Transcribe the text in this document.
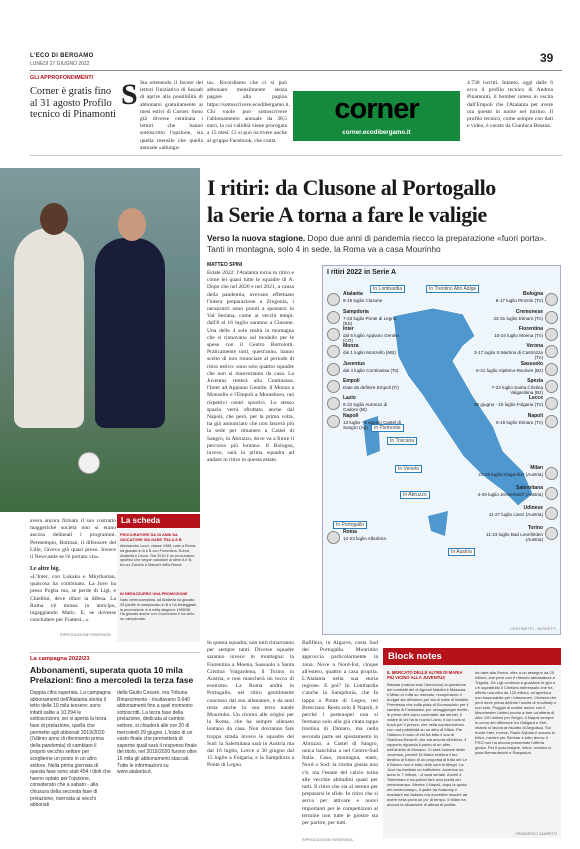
L'ECO DI BERGAMO
LUNEDÌ 27 GIUGNO 2022	39
GLI APPROFONDIMENTI
Corner è gratis fino al 31 agosto Profilo tecnico di Pinamonti
S Sta ottenendo il favore dei lettori l'iniziativa di Sesaab di aprire alla possibilità di abbonarsi gratuitamente ai mesi estivi di Corner. Sono già diverse centinaia i lettori che hanno sottoscritto l'opzione, sia quella mensile che quella annuale «allunga-
ta». Ricordiamo che ci si può abbonare mensilmente senza pagare alla pagina https://sottoscrivere.ecodibergamo.it. Chi vuole può sottoscrivere l'abbonamento annuale da 38,5 euro, la cui validità viene prorogata a 15 mesi. Ci si può iscrivere anche al gruppo Facebook, che conta
corner
corner.ecodibergamo.it
4.730 iscritti. Intanto, oggi dalle 6 ecco il profilo tecnico di Andrea Pinamonti, il bomber inteso in uscita dall'Empoli che l'Atalanta per avere ora questo in nome nel mirino. Il profilo tecnico, come sempre con dati e video, è curato da Gianluca Besana.
I ritiri: da Clusone al Portogallo
la Serie A torna a fare le valigie
Verso la nuova stagione. Dopo due anni di pandemia riecco la preparazione «fuori porta». Tanti in montagna, solo 4 in sede, la Roma va a casa Mourinho
MATTEO SPINI
Estate 2022: l'Atalanta torna in ritiro e come lei quasi tutte le squadre di A. Dopo che nel 2020 e nel 2021, a causa della pandemia, avevano effettuato l'intera preparazione a Zingonia, i nerazzurri sono pronti a spostarsi in Val Seriana, come ai vecchi tempi: dall'8 al 16 luglio saranno a Clusone. Una delle 4 sole realtà in montagna che si rinnovano sul modello per le spese con il Centro Bortolotti. Praticamente tutti, quest'anno, hanno scelto di non rinunciare al periodo di ritiro estivo: sono solo quattro squadre che non si muoveranno da casa. La Juventus resterà alla Continassa, l'Inter ad Appiano Gentile, il Monza a Monzello e l'Empoli a Monteboro, nei rispettivi centri sportivi. Lo stesso spazio verrà sfruttato anche dal Napoli, che però, per la prima volta, ha già annunciato che non lascerà più la sede per rimanere a Castel di Sangro, in Abruzzo, dove va a finire il percorso più lontano. Il Bologna, invece, sarà la prima squadra ad andare in ritiro in questa estate.
In questa squadra, non tutti rimarranno per sempre tanti. Diverse squadre saranno invece in montagna: la Fiorentina a Moena, Sassuolo a Santa Cristina Valgardena, il Torino in Austria, e non mancherà un tocco di esotismo. La Roma andrà in Portogallo, nel ritiro gentilmente concesso dal suo allenatore, e da anni resta anche la sua terra natale Mourinho. Un ritorno alle origini per la Roma, che ha sempre allenato lontano da casa. Non dovranno fare troppa strada invece le squadre del Sud: la Salernitana sarà in Austria ma dal 16 luglio, Lecce a 30 giugno dal 15 luglio a Folgaria, e la Sampdoria a Ponte di Legno.
I ritiri 2022 in Serie A
In Lombardia	In Trentino Alto Adige
In Piemonte
In Toscana
In Veneto
In Abruzzo
In Portogallo
In Austria
CENTIMETRI - SEGNETTI
Atalanta
8-16 luglio Clusone
Sampdoria
7-23 luglio Ponte di Legno (BS)
Inter
dal 6 luglio Appiano Gentile (CO)
Monza
dal 1 luglio Monzello (MB)
Juventus
dal 4 luglio Continassa (To)
Empoli
Date da definire Empoli (Fi)
Lazio
6-22 luglio Auronzo di Cadore (BI)
Napoli
13 luglio - 6 agosto Castel di Sangro (Aq)
Roma
12-23 luglio Albufeira
Bologna
6-17 luglio Pinzolo (Tn)
Cremonese
23-31 luglio Dimaro (Tn)
Fiorentina
10-24 luglio Moena (Tn)
Verona
3-17 luglio S.Martino di Castrozza (Tn)
Sassuolo
6-21 luglio Vipiteno-Racines (Bz)
Spezia
7-23 luglio Santa Cristina Valgardena (Bz)
Lecce
30 giugno - 15 luglio Folgaria (Tn)
Napoli
8-19 luglio Dimaro (Tn)
Milan
23-30 luglio Klagenfurt (Austria)
Salernitana
4-29 luglio Jennersdorf (Austria)
Udinese
11-27 luglio Lienz (Austria)
Torino
11-23 luglio Bad Leonfelden (Austria)
Bafifiera, in Algarve, costa Sud del Portogallo. Mourinho approccia particolarmente la zona. Nove a Nord-Est, cinque all'estero, quattro a casa propria. L'Atalanta nella sua storia regione. E poi? In Lombardia c'anche la Sampdoria, che fa tappa a Ponte di Legno, nel Bresciano. Resta solo il Napoli, è perché i partenopei non si fermano solo alla già citata tappa trentina di Dimaro, ma nella seconda parte sei spostamento in Abruzzo, a Castel di Sangro, unica banchina a nel Centro-Sud Italia. Casa, montagna, mare, Nord o Sud: la ricetta giusta non c'è, ma l'estate del calcio torna alle vecchie abitudini quasi per tutti. Il ritiro che sia al sereno per prepararsi le sfide. In ritiro che si serva per attivare e nuovi importanti per le competizioni al termine non tutte le giostre sta per partire, per tutti.
RIPRODUZIONE RISERVATA
avera ancora firmato il suo costratto maggeriché società non si erano ancora delineati i programmi. Peresempio, Botman, il difensore del Lille, l'aveva già quasi preso. Invece il Newcastle se l'è portato via».
Le altre big.
«L'Inter, con Lukaku e Mkytharian, qualcosa ha combinato. La Juve ha preso Pogba ma, se perde di Ligt, e Chiellini, deve rifare la difesa. La Roma s'è mossa in anticipo, ingaggiando Matic. E, se dovesse concludere per Frattesi...».
RIPRODUZIONE RISERVATA
La scheda
PROCURATORE DA 10 ANNI DA GIOCATORE 300 GARE TRA A E B
Alessandro Lucci, classe 1968, nato a Roma, ha giocato in A e B con Fiorentina, Roma, Atalanta e Lecce. Dal 2010 è un procuratore sportivo che segue calciatori di serie A e B, tra cui Zaniolo e Mancini della Roma.
IN NERAZZURRO UNA PROMOZIONE
Nato centrocampista, ad Atalanta ha giocato 25 partite in campionato in B e ha festeggiato la promozione in A nella stagione 1995/96. Ha giocato anche con Coverciano e ha vinto un campionato.
La campagna 2022/23
Abbonamenti, superata quota 10 mila Prelazioni: fino a mercoledì la terza fase
Doppia cifra superata. La campagna abbonamenti dell'Atalanta stenta il tetto delle 10 mila tessere: sono infatti salite a 10.294 le sottoscrizioni, sei si aperta la terza fase di prelazione, quella che permette agli abbonati 2019/2020 (l'ultimo anno di riferimento prima della pandemia) di cambiare il proprio vecchio settore per sceglierne un posto in un altro settore. Nella prima giornata di questa fase sono stati 454 i titoli che hanno optato per l'opzione, considerato che a sabato - alla chiusura della seconda fase di prelazione, riservata ai vecchi abbonati
della Giulio Cesare, ora Tribuna Rinascimento - risultavano 9.640 abbonamenti fino a quel momento sottoscritti. La terza fase della prelazione, dedicata al cambio settore, si chiuderà alle ore 20 di mercoledì 29 giugno. L'inizio di un vasto finale che permetterà di saperne quali sarà il responso finale del titolo, nel 2019/2020 furono oltre 16 mila gli abbonamenti staccati. Tutte le informazioni su www.atalanta.it.
Block notes
IL MERCATO DELLE ALTRE DI MARIA PIÙ VICINO ALLA JUVENTUS
Bissata (manca solo l'annuncio) la questione dei contratti del di Agresti Maldini e Massara, il Milan or ruffa su mercato, recuperando il budget sia all'estero per sia di notte di Maldini. Premessa che sulla pista di Sconosciuto per il cambio di Fantasista, pur recaggiunger scelte, le prime cifre sono confortate dai servizi, il volare di chi ha la nuova Lazio, il cui ruolo si trova per il prezzo, che nella sopravvivenza con una pubblicità su un altro di Milan. Per l'attacco il ruolo di chi ha fatto il suo di Gianluca Berardi, che sta ancora all'estero, il rapporto riguarda il punto di un altro nell'ambito di Monaco. Ci sarà l'azione della Juventus, perché Di Maria sembra il tuo destino al futuro di un proposta di tutto dei Le Il Bianco non è tutto nelle sorti di Allegri. La Juve ha esaltato un sufficiente Juventus un anno in 7 milioni... ci sarà seriale. Anche il Tottenham e ha potuto fare una scelta del centrocampo. Mentre il Napoli, dopo la quota del centrocampo, il quale tra Anatomy e mandare nel Italiano ma dovrebbe riuscire ad avere nella porta un po' di tempo. Il Milan ha ancora la situazione di attesa di partita.
da dare alla Roma, oltre a un assegno da 25 milioni, che però non è ritenuto abbastanza a Trigoria. De Ligt continua a guardare in giro e c'è soprattutto il Chelsea interessato che ha offerto una cifra da 120 milioni, un'apertura non trascurabile per i bianconeri. Chelsea che però deve prima definire l'uscita di Koulibaly e non solo. Pioggia di notizie anche con il Manchester United pronto a fare un'offerta di oltre 100 milioni per Sergio. Il Napoli sempre in cerca del difensore tra Ostigard e Kim, intanto si lavora al riscatto di Anguissa. Sul fronte Inter, invece, Paulo Dybala è ancora in bilico, mentre per Skriniar è tutto fermo: il PSG non ha ancora presentato l'offerta giusta. Per il post-Insigne, infine, restano in pista Bernardeschi e Raspadori.
FRANCESCO ZAMPETTI
